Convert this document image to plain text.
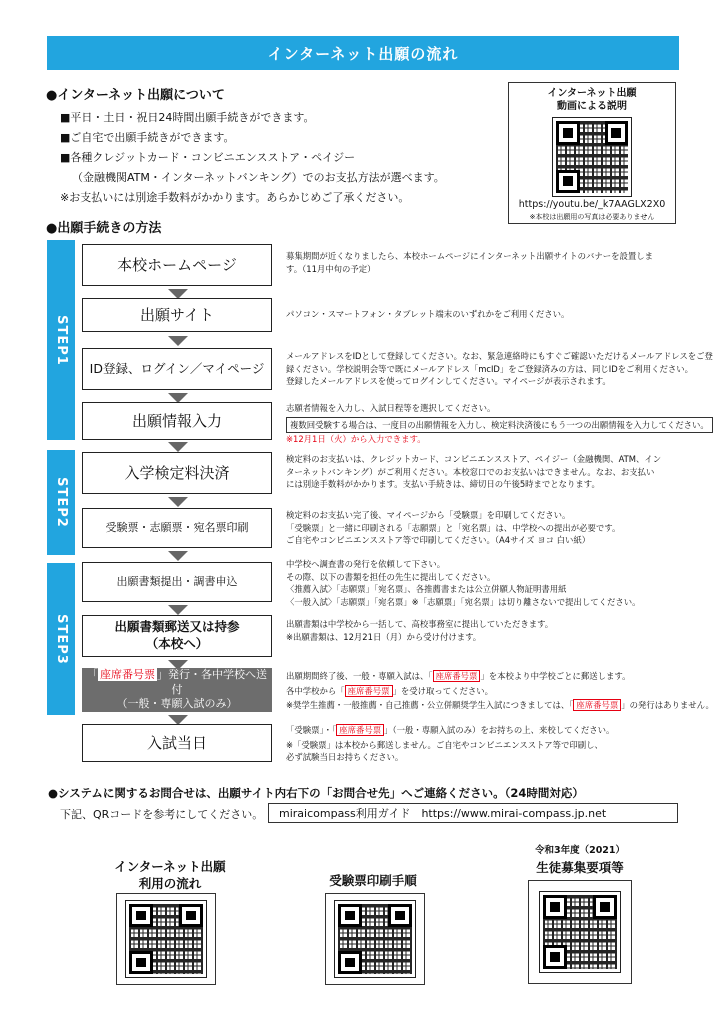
インターネット出願の流れ
●インターネット出願について
■平日・土日・祝日24時間出願手続きができます。
■ご自宅で出願手続きができます。
■各種クレジットカード・コンビニエンスストア・ペイジー
（金融機関ATM・インターネットバンキング）でのお支払方法が選べます。
※お支払いには別途手数料がかかります。あらかじめご了承ください。
インターネット出願
動画による説明
https://youtu.be/_k7AAGLX2X0
※本校は出願用の写真は必要ありません
●出願手続きの方法
STEP1
STEP2
STEP3
本校ホームページ
出願サイト
ID登録、ログイン／マイページ
出願情報入力
入学検定料決済
受験票・志願票・宛名票印刷
出願書類提出・調書申込
出願書類郵送又は持参
（本校へ）
「 座席番号票 」発行・各中学校へ送付
（一般・専願入試のみ）
入試当日
募集期間が近くなりましたら、本校ホームページにインターネット出願サイトのバナーを設置しま
す。（11月中旬の予定）
パソコン・スマートフォン・タブレット端末のいずれかをご利用ください。
メールアドレスをIDとして登録してください。なお、緊急連絡時にもすぐご確認いただけるメールアドレスをご登
録ください。学校説明会等で既にメールアドレス「mcID」をご登録済みの方は、同じIDをご利用ください。
登録したメールアドレスを使ってログインしてください。マイページが表示されます。
志願者情報を入力し、入試日程等を選択してください。
複数回受験する場合は、一度目の出願情報を入力し、検定料決済後にもう一つの出願情報を入力してください。
※12月1日（火）から入力できます。
検定料のお支払いは、クレジットカード、コンビニエンスストア、ペイジー（金融機関、ATM、イン
ターネットバンキング）がご利用ください。本校窓口でのお支払いはできません。なお、お支払い
には別途手数料がかかります。支払い手続きは、締切日の午後5時までとなります。
検定料のお支払い完了後、マイページから「受験票」を印刷してください。
「受験票」と一緒に印刷される「志願票」と「宛名票」は、中学校への提出が必要です。
ご自宅やコンビニエンスストア等で印刷してください。（A4サイズ ヨコ 白い紙）
中学校へ調査書の発行を依頼して下さい。
その際、以下の書類を担任の先生に提出してください。
〈推薦入試〉「志願票」「宛名票」、各推薦書または公立併願人物証明書用紙
〈一般入試〉「志願票」「宛名票」※「志願票」「宛名票」は切り離さないで提出してください。
出願書類は中学校から一括して、高校事務室に提出していただきます。
※出願書類は、12月21日（月）から受け付けます。
出願期間終了後、一般・専願入試は、「 座席番号票 」を本校より中学校ごとに郵送します。
各中学校から「 座席番号票 」を受け取ってください。
※奨学生推薦・一般推薦・自己推薦・公立併願奨学生入試につきましては、「 座席番号票 」の発行はありません。
「受験票」・「 座席番号票 」（一般・専願入試のみ）をお持ちの上、来校してください。
※「受験票」は本校から郵送しません。ご自宅やコンビニエンスストア等で印刷し、
必ず試験当日お持ちください。
●システムに関するお問合せは、出願サイト内右下の「お問合せ先」へご連絡ください。（24時間対応）
下記、QRコードを参考にしてください。	miraicompass利用ガイド　https://www.mirai-compass.jp.net
インターネット出願
利用の流れ	受験票印刷手順
令和3年度（2021）
生徒募集要項等
